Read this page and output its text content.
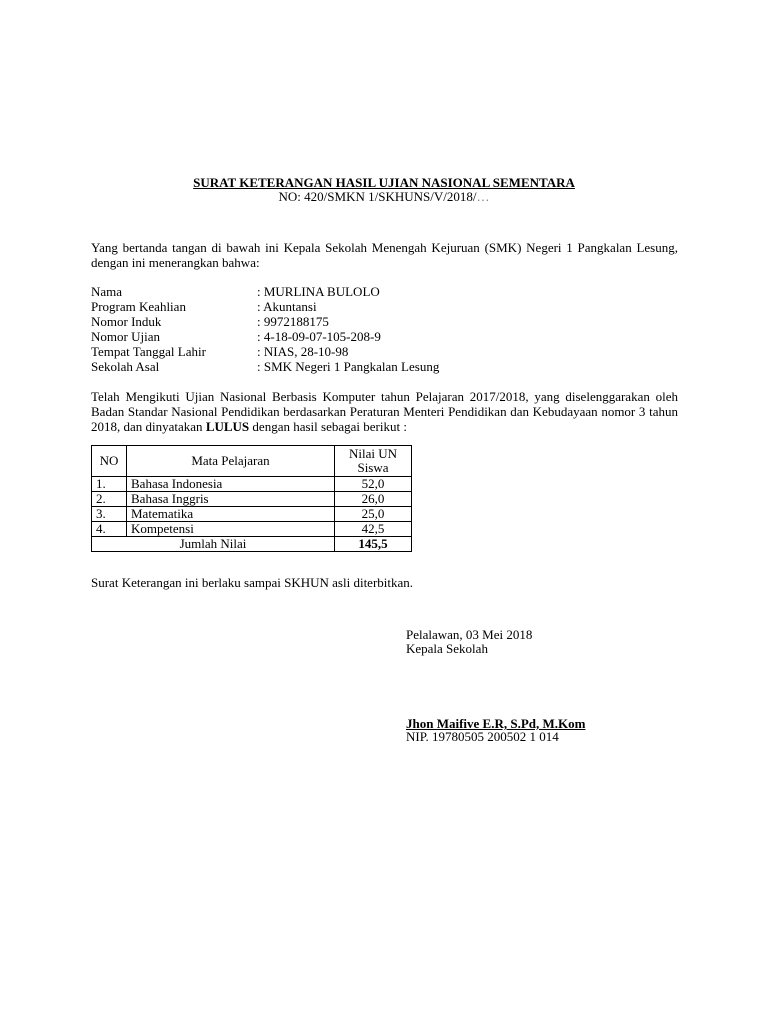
SURAT KETERANGAN HASIL UJIAN NASIONAL SEMENTARA
NO: 420/SMKN 1/SKHUNS/V/2018/…
Yang bertanda tangan di bawah ini Kepala Sekolah Menengah Kejuruan (SMK) Negeri 1 Pangkalan Lesung, dengan ini menerangkan bahwa:
Nama	: MURLINA BULOLO
Program Keahlian	: Akuntansi
Nomor Induk	: 9972188175
Nomor Ujian	: 4-18-09-07-105-208-9
Tempat Tanggal Lahir	: NIAS, 28-10-98
Sekolah Asal	: SMK Negeri 1 Pangkalan Lesung
Telah Mengikuti Ujian Nasional Berbasis Komputer tahun Pelajaran 2017/2018, yang diselenggarakan oleh Badan Standar Nasional Pendidikan berdasarkan Peraturan Menteri Pendidikan dan Kebudayaan nomor 3 tahun 2018, dan dinyatakan LULUS dengan hasil sebagai berikut :
NO	Mata Pelajaran	Nilai UN
Siswa
1.	Bahasa Indonesia	52,0
2.	Bahasa Inggris	26,0
3.	Matematika	25,0
4.	Kompetensi	42,5
Jumlah Nilai		145,5
Surat Keterangan ini berlaku sampai SKHUN asli diterbitkan.
Pelalawan, 03 Mei 2018
Kepala Sekolah
Jhon Maifive E.R, S.Pd, M.Kom
NIP. 19780505 200502 1 014
